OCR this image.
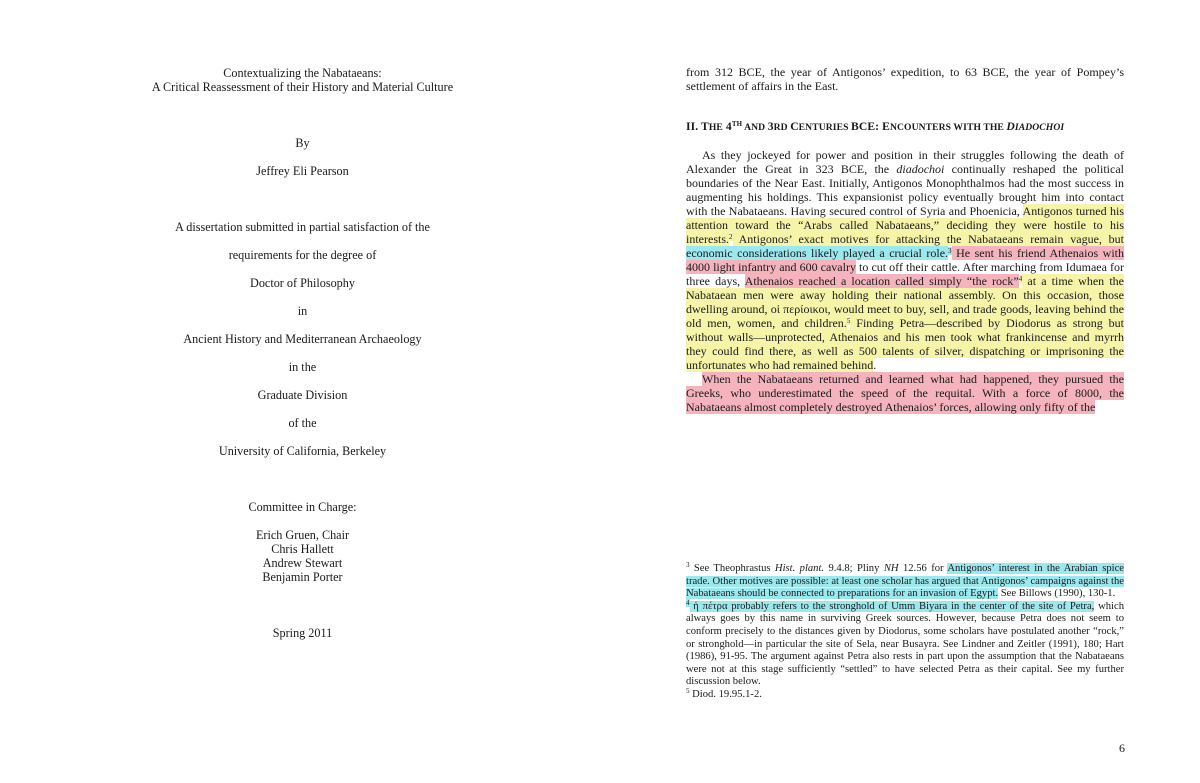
Contextualizing the Nabataeans:
A Critical Reassessment of their History and Material Culture
By
Jeffrey Eli Pearson
A dissertation submitted in partial satisfaction of the
requirements for the degree of
Doctor of Philosophy
in
Ancient History and Mediterranean Archaeology
in the
Graduate Division
of the
University of California, Berkeley
Committee in Charge:
Erich Gruen, Chair
Chris Hallett
Andrew Stewart
Benjamin Porter
Spring 2011

from 312 BCE, the year of Antigonos’ expedition, to 63 BCE, the year of Pompey’s settlement of affairs in the East.

II. THE 4TH AND 3RD CENTURIES BCE: ENCOUNTERS WITH THE DIADOCHOI

As they jockeyed for power and position in their struggles following the death of Alexander the Great in 323 BCE, the diadochoi continually reshaped the political boundaries of the Near East. Initially, Antigonos Monophthalmos had the most success in augmenting his holdings. This expansionist policy eventually brought him into contact with the Nabataeans. Having secured control of Syria and Phoenicia, Antigonos turned his attention toward the “Arabs called Nabataeans,” deciding they were hostile to his interests.$^2$ Antigonos’ exact motives for attacking the Nabataeans remain vague, but economic considerations likely played a crucial role.$^3$ He sent his friend Athenaios with 4000 light infantry and 600 cavalry to cut off their cattle. After marching from Idumaea for three days, Athenaios reached a location called simply “the rock”$^4$ at a time when the Nabataean men were away holding their national assembly. On this occasion, those dwelling around, οἱ περίοικοι, would meet to buy, sell, and trade goods, leaving behind the old men, women, and children.$^5$ Finding Petra—described by Diodorus as strong but without walls—unprotected, Athenaios and his men took what frankincense and myrrh they could find there, as well as 500 talents of silver, dispatching or imprisoning the unfortunates who had remained behind.

When the Nabataeans returned and learned what had happened, they pursued the Greeks, who underestimated the speed of the requital. With a force of 8000, the Nabataeans almost completely destroyed Athenaios’ forces, allowing only fifty of the

$^3$ See Theophrastus Hist. plant. 9.4.8; Pliny NH 12.56 for Antigonos’ interest in the Arabian spice trade. Other motives are possible: at least one scholar has argued that Antigonos’ campaigns against the Nabataeans should be connected to preparations for an invasion of Egypt. See Billows (1990), 130-1.

$^4$ ἡ πέτρα probably refers to the stronghold of Umm Biyara in the center of the site of Petra, which always goes by this name in surviving Greek sources. However, because Petra does not seem to conform precisely to the distances given by Diodorus, some scholars have postulated another “rock,” or stronghold—in particular the site of Sela, near Busayra. See Lindner and Zeitler (1991), 180; Hart (1986), 91-95. The argument against Petra also rests in part upon the assumption that the Nabataeans were not at this stage sufficiently “settled” to have selected Petra as their capital. See my further discussion below.

$^5$ Diod. 19.95.1-2.

6
